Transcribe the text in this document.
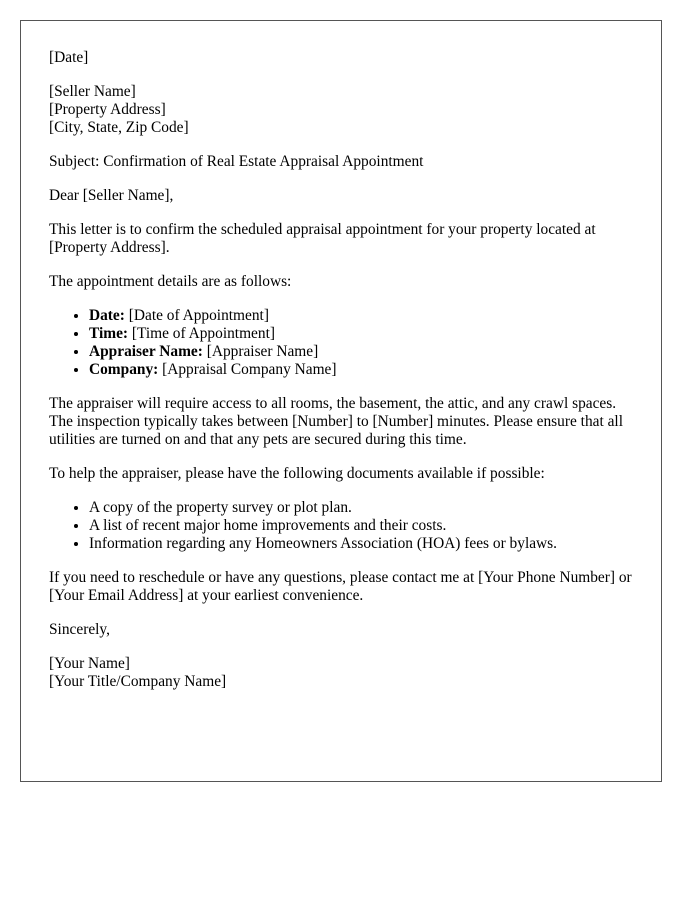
[Date]

[Seller Name]
[Property Address]
[City, State, Zip Code]

Subject: Confirmation of Real Estate Appraisal Appointment

Dear [Seller Name],

This letter is to confirm the scheduled appraisal appointment for your property located at [Property Address].

The appointment details are as follows:

• Date: [Date of Appointment]
• Time: [Time of Appointment]
• Appraiser Name: [Appraiser Name]
• Company: [Appraisal Company Name]

The appraiser will require access to all rooms, the basement, the attic, and any crawl spaces. The inspection typically takes between [Number] to [Number] minutes. Please ensure that all utilities are turned on and that any pets are secured during this time.

To help the appraiser, please have the following documents available if possible:

• A copy of the property survey or plot plan.
• A list of recent major home improvements and their costs.
• Information regarding any Homeowners Association (HOA) fees or bylaws.

If you need to reschedule or have any questions, please contact me at [Your Phone Number] or [Your Email Address] at your earliest convenience.

Sincerely,

[Your Name]
[Your Title/Company Name]
